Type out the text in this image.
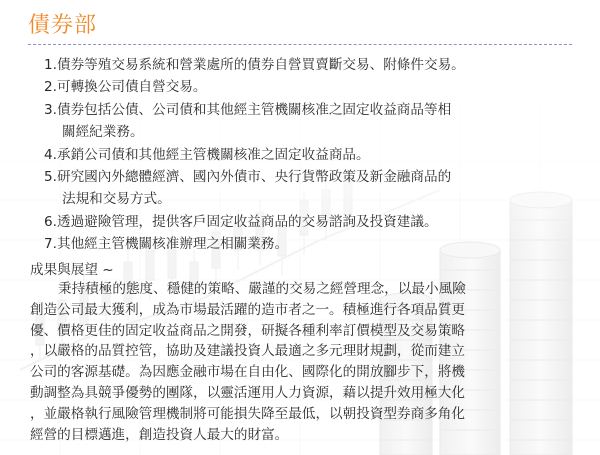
債券部
1.債券等殖交易系統和營業處所的債券自營買賣斷交易、附條件交易。
2.可轉換公司債自營交易。
3.債券包括公債、公司債和其他經主管機關核准之固定收益商品等相
關經紀業務。
4.承銷公司債和其他經主管機關核准之固定收益商品。
5.研究國內外總體經濟、國內外債市、央行貨幣政策及新金融商品的
法規和交易方式。
6.透過避險管理，提供客戶固定收益商品的交易諮詢及投資建議。
7.其他經主管機關核准辦理之相關業務。
成果與展望 ~
秉持積極的態度、穩健的策略、嚴謹的交易之經營理念，以最小風險
創造公司最大獲利，成為市場最活躍的造市者之一。積極進行各項品質更
優、價格更佳的固定收益商品之開發，研擬各種利率訂價模型及交易策略
，以嚴格的品質控管，協助及建議投資人最適之多元理財規劃，從而建立
公司的客源基礎。為因應金融市場在自由化、國際化的開放腳步下，將機
動調整為具競爭優勢的團隊，以靈活運用人力資源，藉以提升效用極大化
，並嚴格執行風險管理機制將可能損失降至最低，以朝投資型券商多角化
經營的目標邁進，創造投資人最大的財富。
